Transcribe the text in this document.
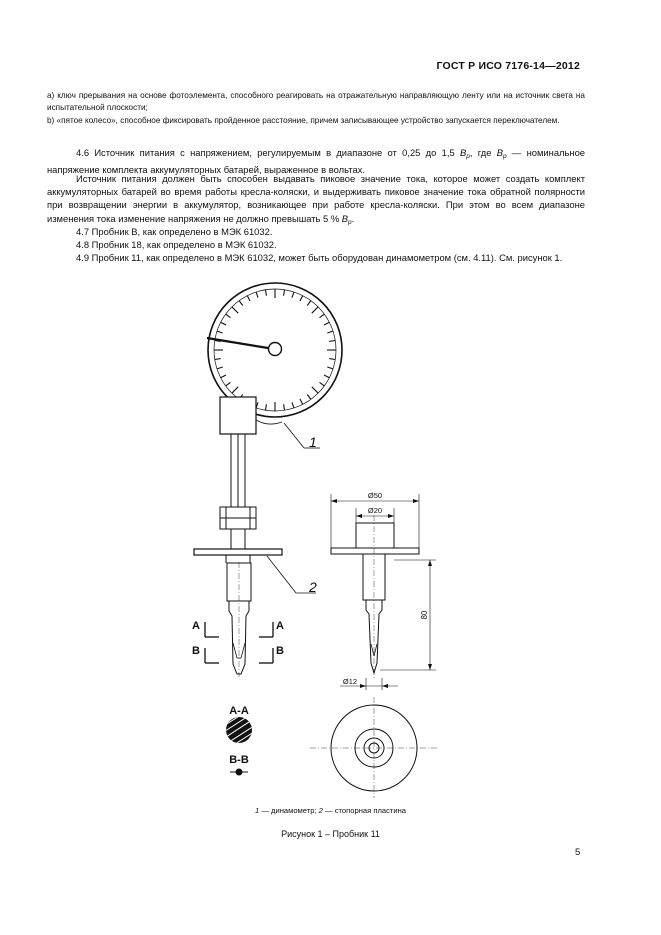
ГОСТ Р ИСО 7176-14—2012
а) ключ прерывания на основе фотоэлемента, способного реагировать на отражательную направляющую ленту или на источник света на испытательной плоскости;
b) «пятое колесо», способное фиксировать пройденное расстояние, причем записывающее устройство запускается переключателем.
4.6 Источник питания с напряжением, регулируемым в диапазоне от 0,25 до 1,5 $B_p$, где $B_p$ — номинальное напряжение комплекта аккумуляторных батарей, выраженное в вольтах.
Источник питания должен быть способен выдавать пиковое значение тока, которое может создать комплект аккумуляторных батарей во время работы кресла-коляски, и выдерживать пиковое значение тока обратной полярности при возвращении энергии в аккумулятор, возникающее при работе кресла-коляски. При этом во всем диапазоне изменения тока изменение напряжения не должно превышать 5 % $B_p$.
4.7 Пробник B, как определено в МЭК 61032.
4.8 Пробник 18, как определено в МЭК 61032.
4.9 Пробник 11, как определено в МЭК 61032, может быть оборудован динамометром (см. 4.11). См. рисунок 1.
1
2
A	A
B	B
A-A
B-B
Ø50
Ø20
80
Ø12
1 — динамометр; 2 — стопорная пластина
Рисунок 1 – Пробник 11
5
